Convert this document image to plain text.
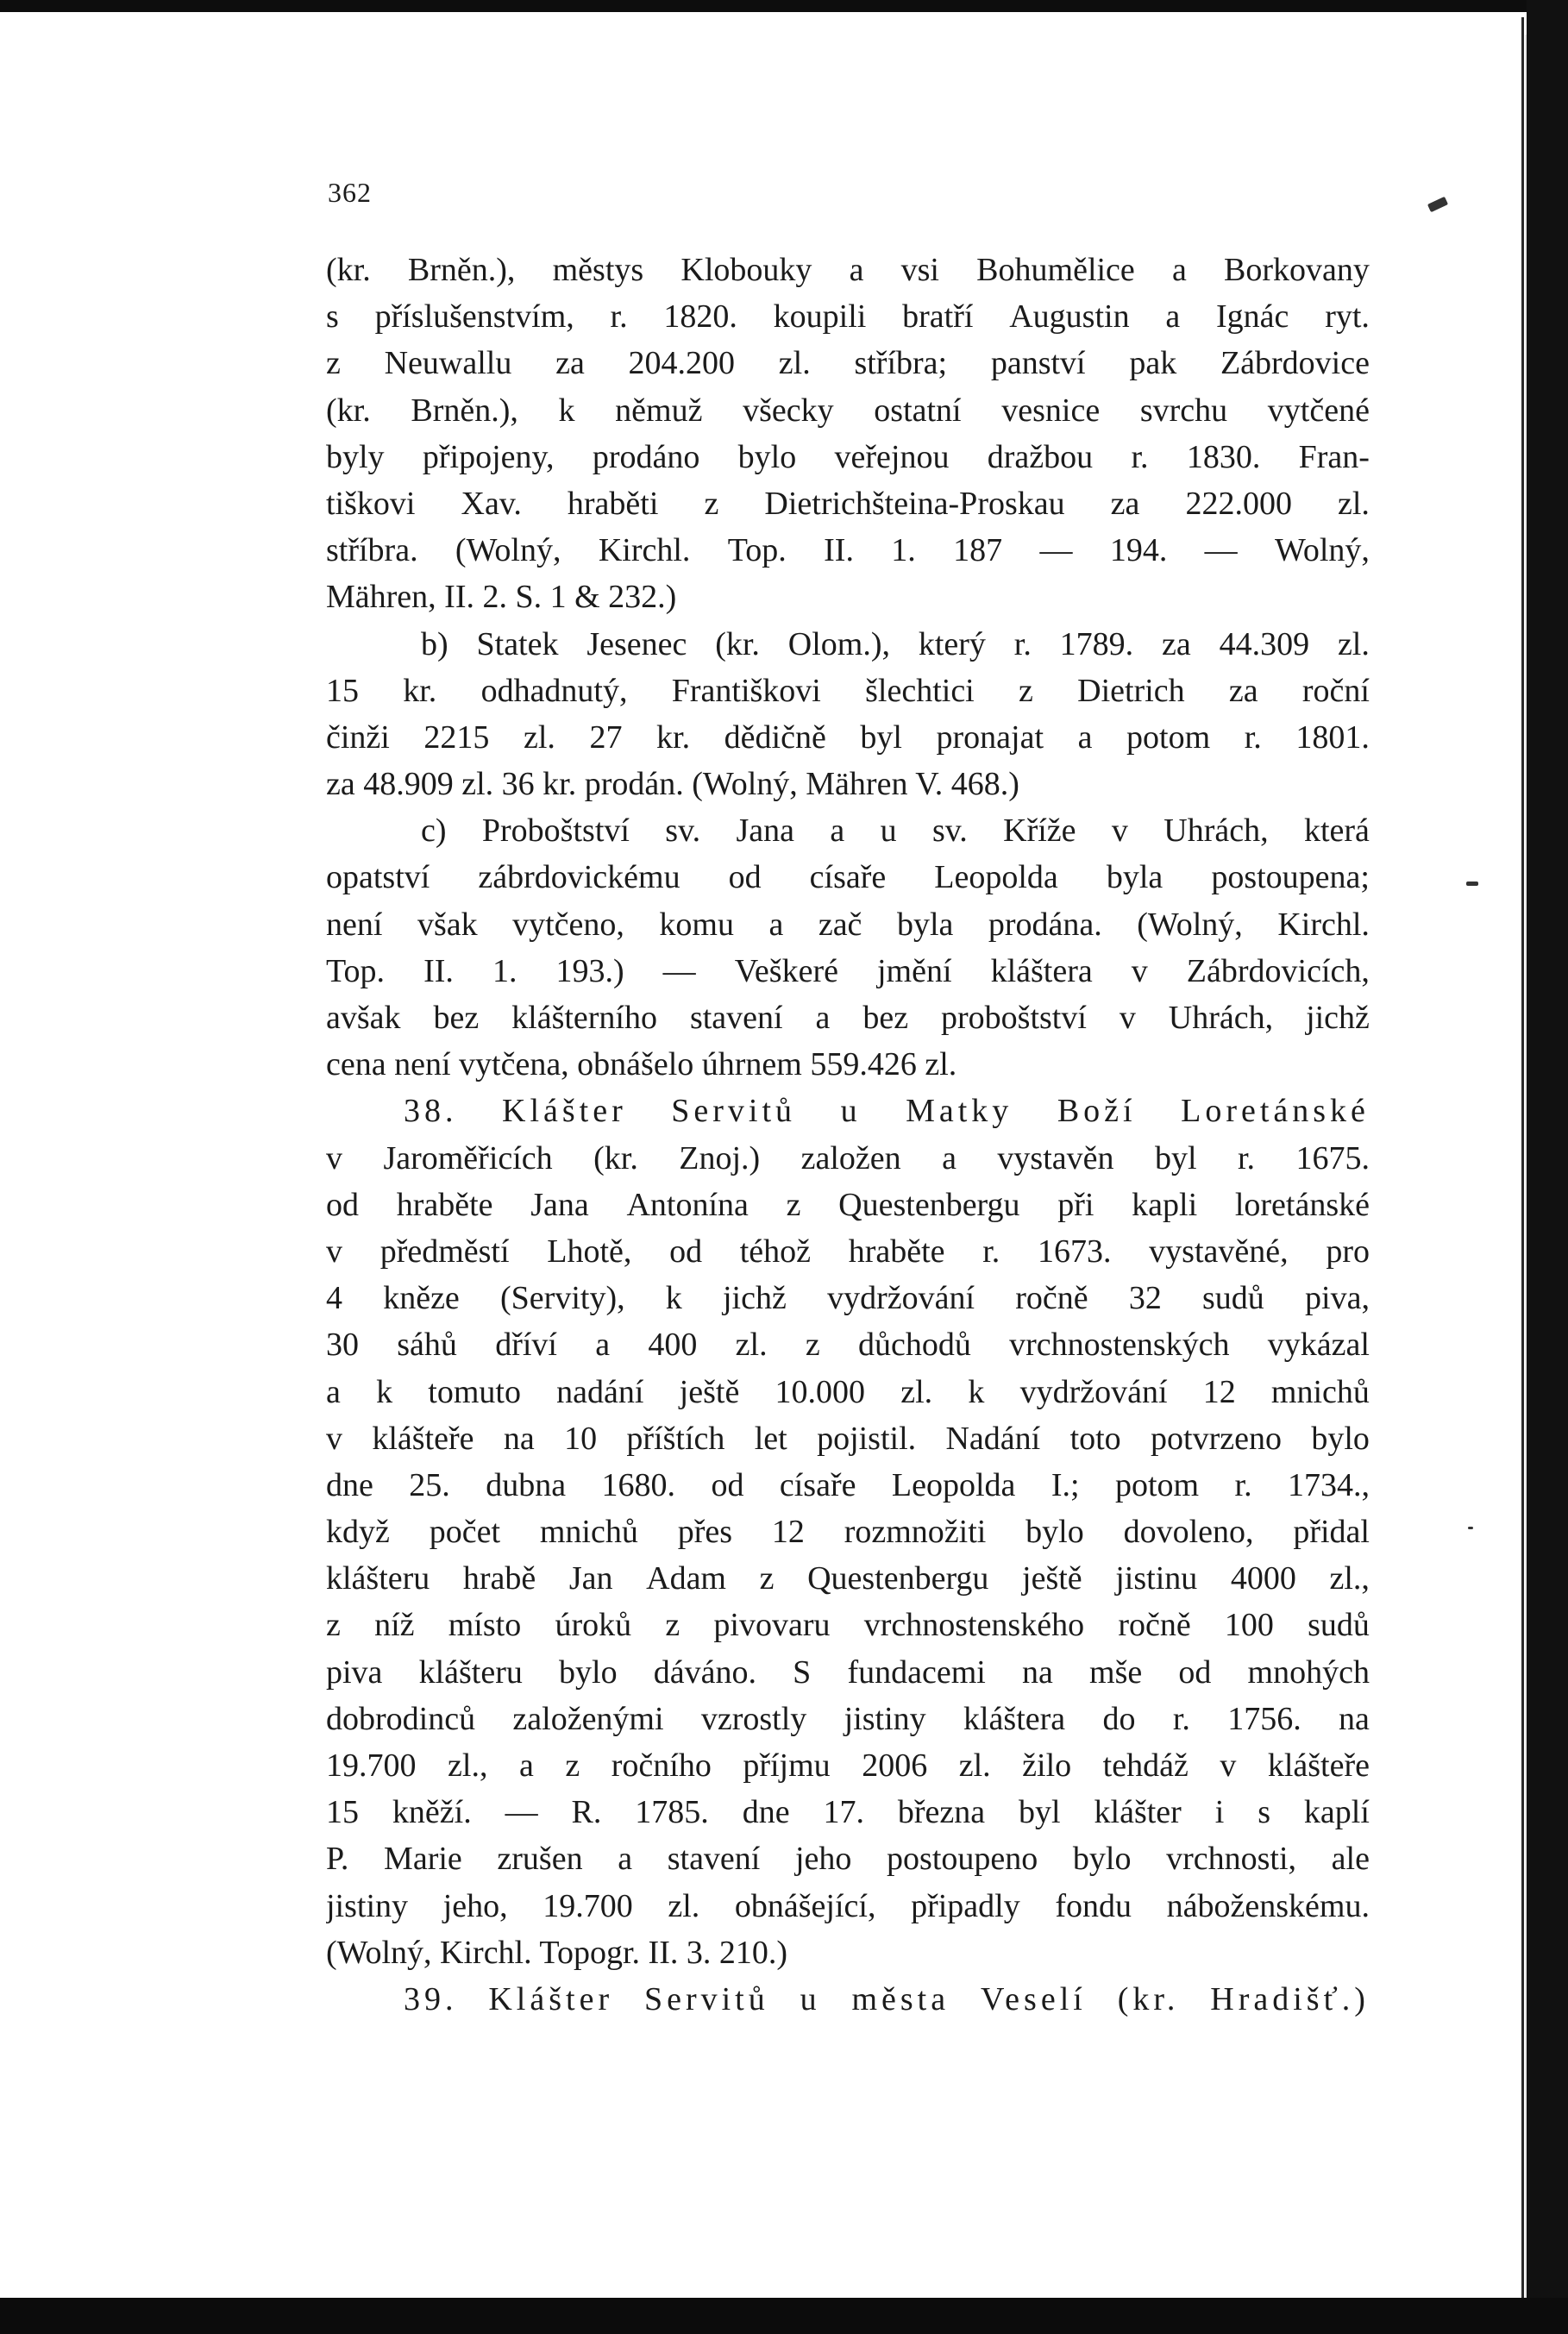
362
(kr. Brněn.), městys Klobouky a vsi Bohumělice a Borkovany
s příslušenstvím, r. 1820. koupili bratří Augustin a Ignác ryt.
z Neuwallu za 204.200 zl. stříbra; panství pak Zábrdovice
(kr. Brněn.), k němuž všecky ostatní vesnice svrchu vytčené
byly připojeny, prodáno bylo veřejnou dražbou r. 1830. Fran-
tiškovi Xav. hraběti z Dietrichšteina-Proskau za 222.000 zl.
stříbra. (Wolný, Kirchl. Top. II. 1. 187 — 194. — Wolný,
Mähren, II. 2. S. 1 & 232.)
b) Statek Jesenec (kr. Olom.), který r. 1789. za 44.309 zl.
15 kr. odhadnutý, Františkovi šlechtici z Dietrich za roční
činži 2215 zl. 27 kr. dědičně byl pronajat a potom r. 1801.
za 48.909 zl. 36 kr. prodán. (Wolný, Mähren V. 468.)
c) Proboštství sv. Jana a u sv. Kříže v Uhrách, která
opatství zábrdovickému od císaře Leopolda byla postoupena;
není však vytčeno, komu a zač byla prodána. (Wolný, Kirchl.
Top. II. 1. 193.) — Veškeré jmění kláštera v Zábrdovicích,
avšak bez klášterního stavení a bez proboštství v Uhrách, jichž
cena není vytčena, obnášelo úhrnem 559.426 zl.
38. Klášter Servitů u Matky Boží Loretánské
v Jaroměřicích (kr. Znoj.) založen a vystavěn byl r. 1675.
od hraběte Jana Antonína z Questenbergu při kapli loretánské
v předměstí Lhotě, od téhož hraběte r. 1673. vystavěné, pro
4 kněze (Servity), k jichž vydržování ročně 32 sudů piva,
30 sáhů dříví a 400 zl. z důchodů vrchnostenských vykázal
a k tomuto nadání ještě 10.000 zl. k vydržování 12 mnichů
v klášteře na 10 příštích let pojistil. Nadání toto potvrzeno bylo
dne 25. dubna 1680. od císaře Leopolda I.; potom r. 1734.,
když počet mnichů přes 12 rozmnožiti bylo dovoleno, přidal
klášteru hrabě Jan Adam z Questenbergu ještě jistinu 4000 zl.,
z níž místo úroků z pivovaru vrchnostenského ročně 100 sudů
piva klášteru bylo dáváno. S fundacemi na mše od mnohých
dobrodinců založenými vzrostly jistiny kláštera do r. 1756. na
19.700 zl., a z ročního příjmu 2006 zl. žilo tehdáž v klášteře
15 kněží. — R. 1785. dne 17. března byl klášter i s kaplí
P. Marie zrušen a stavení jeho postoupeno bylo vrchnosti, ale
jistiny jeho, 19.700 zl. obnášející, připadly fondu náboženskému.
(Wolný, Kirchl. Topogr. II. 3. 210.)
39. Klášter Servitů u města Veselí (kr. Hradišť.)
